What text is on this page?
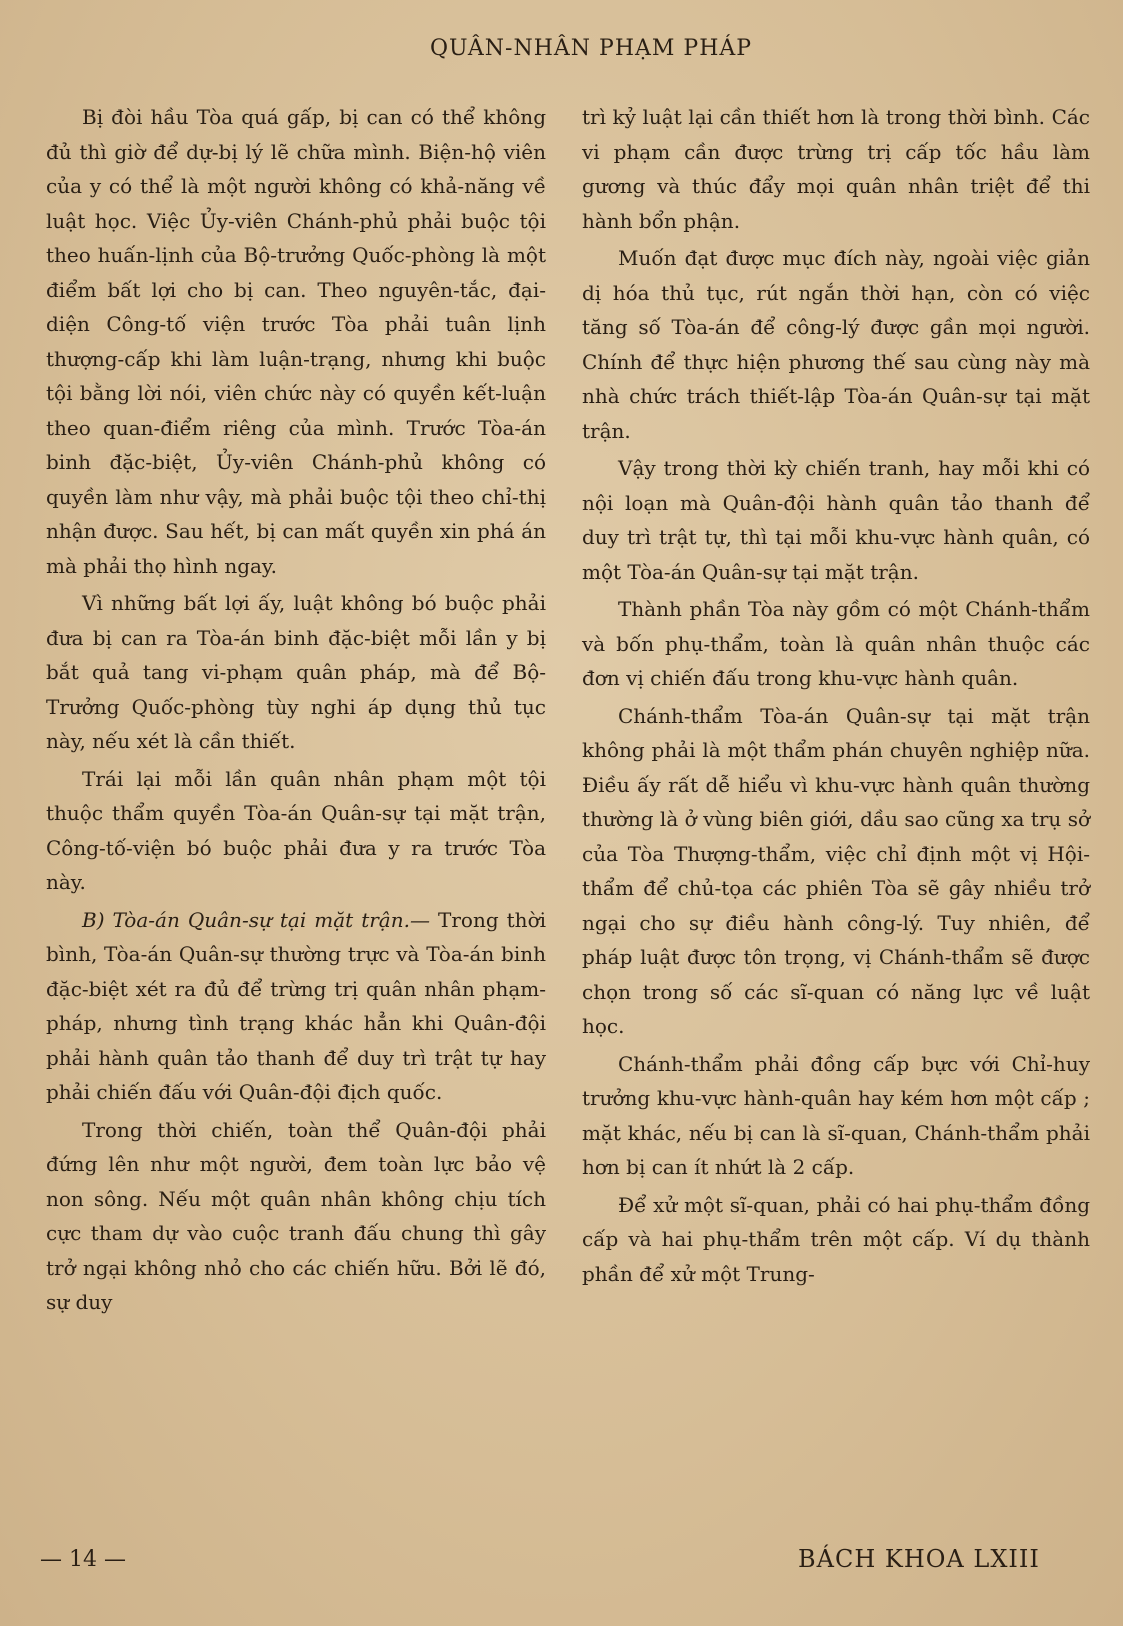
QUÂN-NHÂN PHẠM PHÁP

Bị đòi hầu Tòa quá gấp, bị can có thể không đủ thì giờ để dự-bị lý lẽ chữa mình. Biện-hộ viên của y có thể là một người không có khả-năng về luật học. Việc Ủy-viên Chánh-phủ phải buộc tội theo huấn-lịnh của Bộ-trưởng Quốc-phòng là một điểm bất lợi cho bị can. Theo nguyên-tắc, đại-diện Công-tố viện trước Tòa phải tuân lịnh thượng-cấp khi làm luận-trạng, nhưng khi buộc tội bằng lời nói, viên chức này có quyền kết-luận theo quan-điểm riêng của mình. Trước Tòa-án binh đặc-biệt, Ủy-viên Chánh-phủ không có quyền làm như vậy, mà phải buộc tội theo chỉ-thị nhận được. Sau hết, bị can mất quyền xin phá án mà phải thọ hình ngay.

Vì những bất lợi ấy, luật không bó buộc phải đưa bị can ra Tòa-án binh đặc-biệt mỗi lần y bị bắt quả tang vi-phạm quân pháp, mà để Bộ-Trưởng Quốc-phòng tùy nghi áp dụng thủ tục này, nếu xét là cần thiết.

Trái lại mỗi lần quân nhân phạm một tội thuộc thẩm quyền Tòa-án Quân-sự tại mặt trận, Công-tố-viện bó buộc phải đưa y ra trước Tòa này.

B) Tòa-án Quân-sự tại mặt trận.— Trong thời bình, Tòa-án Quân-sự thường trực và Tòa-án binh đặc-biệt xét ra đủ để trừng trị quân nhân phạm-pháp, nhưng tình trạng khác hẳn khi Quân-đội phải hành quân tảo thanh để duy trì trật tự hay phải chiến đấu với Quân-đội địch quốc.

Trong thời chiến, toàn thể Quân-đội phải đứng lên như một người, đem toàn lực bảo vệ non sông. Nếu một quân nhân không chịu tích cực tham dự vào cuộc tranh đấu chung thì gây trở ngại không nhỏ cho các chiến hữu. Bởi lẽ đó, sự duy

trì kỷ luật lại cần thiết hơn là trong thời bình. Các vi phạm cần được trừng trị cấp tốc hầu làm gương và thúc đẩy mọi quân nhân triệt để thi hành bổn phận.

Muốn đạt được mục đích này, ngoài việc giản dị hóa thủ tục, rút ngắn thời hạn, còn có việc tăng số Tòa-án để công-lý được gần mọi người. Chính để thực hiện phương thế sau cùng này mà nhà chức trách thiết-lập Tòa-án Quân-sự tại mặt trận.

Vậy trong thời kỳ chiến tranh, hay mỗi khi có nội loạn mà Quân-đội hành quân tảo thanh để duy trì trật tự, thì tại mỗi khu-vực hành quân, có một Tòa-án Quân-sự tại mặt trận.

Thành phần Tòa này gồm có một Chánh-thẩm và bốn phụ-thẩm, toàn là quân nhân thuộc các đơn vị chiến đấu trong khu-vực hành quân.

Chánh-thẩm Tòa-án Quân-sự tại mặt trận không phải là một thẩm phán chuyên nghiệp nữa. Điều ấy rất dễ hiểu vì khu-vực hành quân thường thường là ở vùng biên giới, dầu sao cũng xa trụ sở của Tòa Thượng-thẩm, việc chỉ định một vị Hội-thẩm để chủ-tọa các phiên Tòa sẽ gây nhiều trở ngại cho sự điều hành công-lý. Tuy nhiên, để pháp luật được tôn trọng, vị Chánh-thẩm sẽ được chọn trong số các sĩ-quan có năng lực về luật học.

Chánh-thẩm phải đồng cấp bực với Chỉ-huy trưởng khu-vực hành-quân hay kém hơn một cấp ; mặt khác, nếu bị can là sĩ-quan, Chánh-thẩm phải hơn bị can ít nhứt là 2 cấp.

Để xử một sĩ-quan, phải có hai phụ-thẩm đồng cấp và hai phụ-thẩm trên một cấp. Ví dụ thành phần để xử một Trung-

— 14 —	BÁCH KHOA LXIII
